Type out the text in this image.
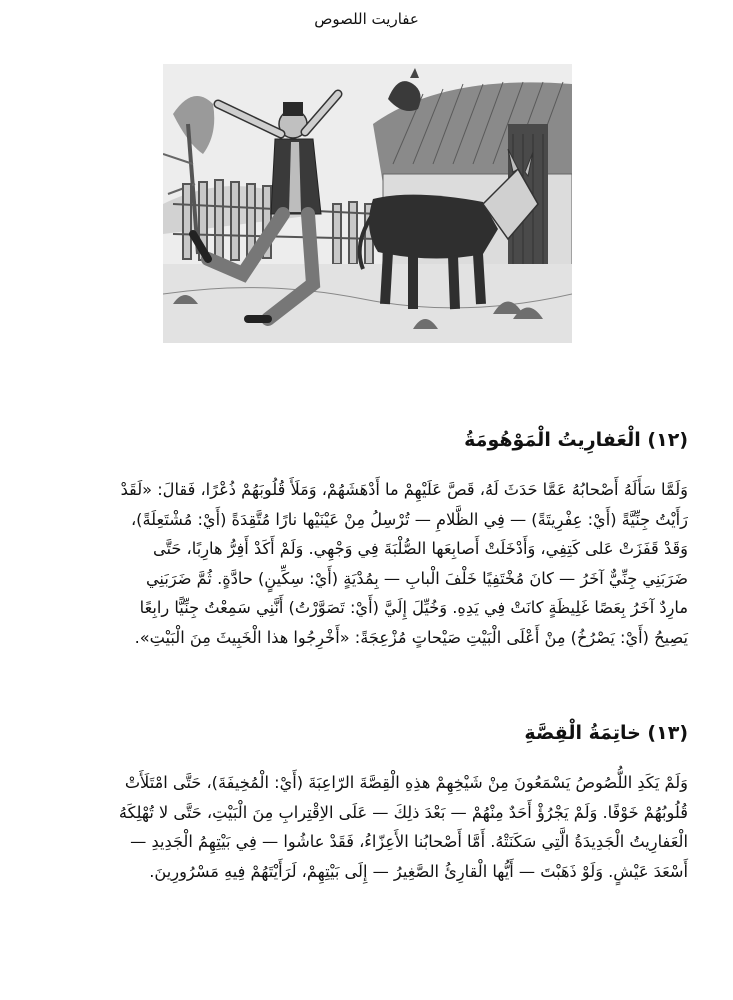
عفاريت اللصوص
(١٢) الْعَفارِيتُ الْمَوْهُومَةُ

وَلَمَّا سَأَلَهُ أَصْحابُهُ عَمَّا حَدَثَ لَهُ، قَصَّ عَلَيْهِمْ ما أَدْهَشَهُمْ، وَمَلَأَ قُلُوبَهُمْ ذُعْرًا، فَقالَ: «لَقَدْ

رَأَيْتُ جِنِّيَّةً (أَيْ: عِفْرِيتَةً) — فِي الظَّلامِ — تُرْسِلُ مِنْ عَيْنَيْها نارًا مُتَّقِدَةً (أَيْ: مُشْتَعِلَةً)،

وَقَدْ قَفَزَتْ عَلى كَتِفِي، وَأَدْخَلَتْ أَصابِعَها الصُّلْبَةَ فِي وَجْهِي. وَلَمْ أَكَدْ أَفِرُّ هارِبًا، حَتَّى

ضَرَبَنِي جِنِّيٌّ آخَرُ — كانَ مُخْتَفِيًا خَلْفَ الْبابِ — بِمُدْيَةٍ (أَيْ: سِكِّينٍ) حادَّةٍ. ثُمَّ ضَرَبَنِي

مارِدٌ آخَرُ بِعَصًا غَلِيظَةٍ كانَتْ فِي يَدِهِ. وَخُيِّلَ إِلَيَّ (أَيْ: تَصَوَّرْتُ) أَنَّنِي سَمِعْتُ جِنِّيًّا رابِعًا

يَصِيحُ (أَيْ: يَصْرُخُ) مِنْ أَعْلَى الْبَيْتِ صَيْحاتٍ مُزْعِجَةً: «أَخْرِجُوا هذا الْخَبِيثَ مِنَ الْبَيْتِ».

(١٣) خاتِمَةُ الْقِصَّةِ

وَلَمْ يَكَدِ اللُّصُوصُ يَسْمَعُونَ مِنْ شَيْخِهِمْ هذِهِ الْقِصَّةَ الرّاعِبَةَ (أَيْ: الْمُخِيفَةَ)، حَتَّى امْتَلَأَتْ

قُلُوبُهُمْ خَوْفًا. وَلَمْ يَجْرُؤْ أَحَدٌ مِنْهُمْ — بَعْدَ ذلِكَ — عَلَى الاِقْتِرابِ مِنَ الْبَيْتِ، حَتَّى لا تُهْلِكَهُ

الْعَفارِيتُ الْجَدِيدَةُ الَّتِي سَكَنَتْهُ. أَمَّا أَصْحابُنا الأَعِزّاءُ، فَقَدْ عاشُوا — فِي بَيْتِهِمُ الْجَدِيدِ —

أَسْعَدَ عَيْشٍ. وَلَوْ ذَهَبْتَ — أَيُّها الْقارِئُ الصَّغِيرُ — إِلَى بَيْتِهِمْ، لَرَأَيْتَهُمْ فِيهِ مَسْرُورِينَ.
